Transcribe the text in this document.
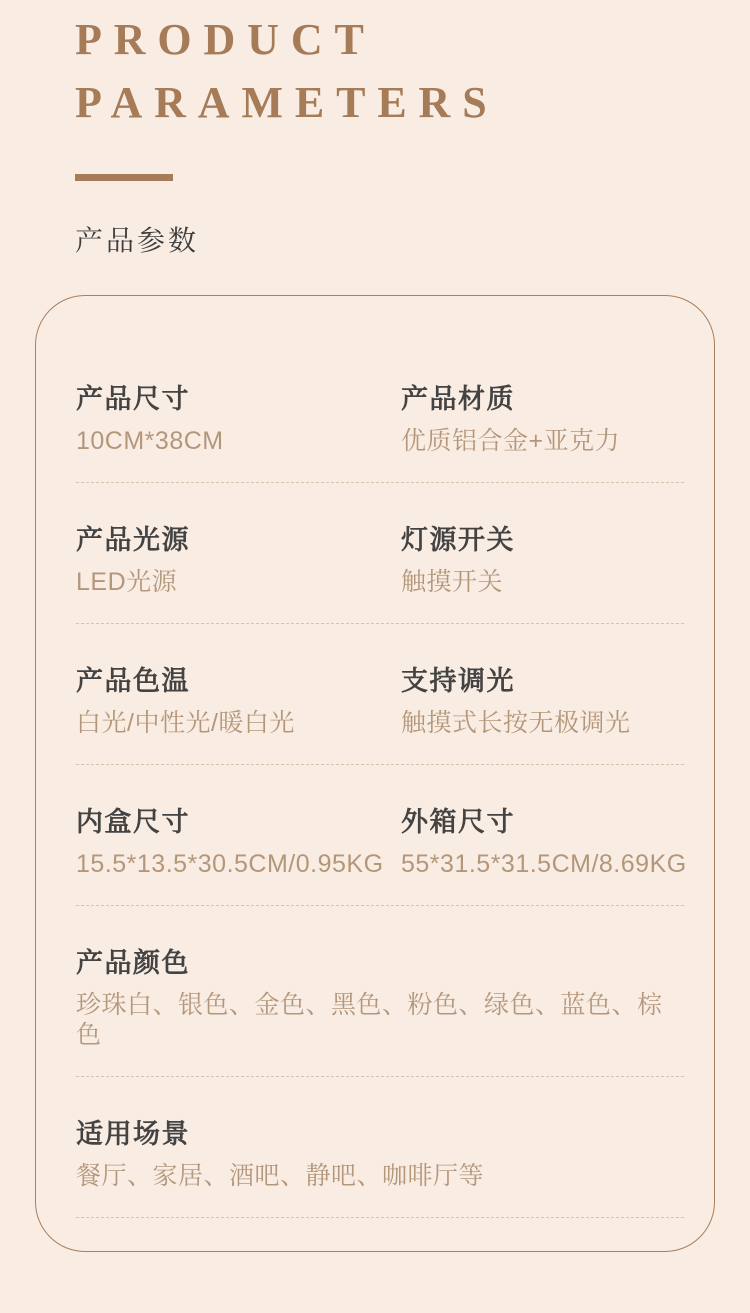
PRODUCT
PARAMETERS
产品参数
产品尺寸
10CM*38CM
产品材质
优质铝合金+亚克力
产品光源
LED光源
灯源开关
触摸开关
产品色温
白光/中性光/暖白光
支持调光
触摸式长按无极调光
内盒尺寸
15.5*13.5*30.5CM/0.95KG
外箱尺寸
55*31.5*31.5CM/8.69KG
产品颜色
珍珠白、银色、金色、黑色、粉色、绿色、蓝色、棕色
适用场景
餐厅、家居、酒吧、静吧、咖啡厅等
